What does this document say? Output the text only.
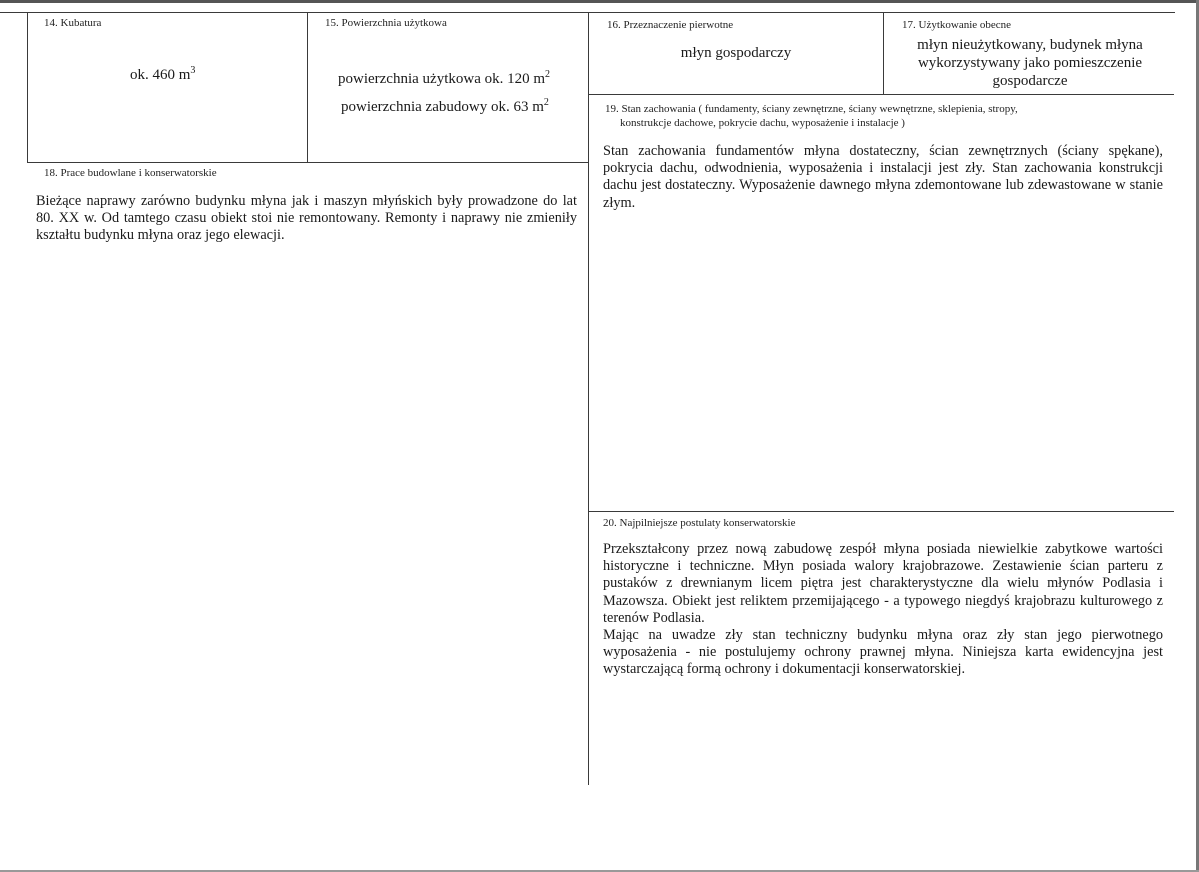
14. Kubatura
ok. 460 $m^3$
15. Powierzchnia użytkowa
powierzchnia użytkowa ok. 120 $m^2$
powierzchnia zabudowy ok. 63 $m^2$
16. Przeznaczenie pierwotne
młyn gospodarczy
17. Użytkowanie obecne
młyn nieużytkowany, budynek młyna
wykorzystywany jako pomieszczenie
gospodarcze
18. Prace budowlane i konserwatorskie
Bieżące naprawy zarówno budynku młyna jak i maszyn młyńskich były prowadzone do lat 80. XX w. Od tamtego czasu obiekt stoi nie remontowany. Remonty i naprawy nie zmieniły kształtu budynku młyna oraz jego elewacji.
19. Stan zachowania ( fundamenty, ściany zewnętrzne, ściany wewnętrzne, sklepienia, stropy,
konstrukcje dachowe, pokrycie dachu, wyposażenie i instalacje )
Stan zachowania fundamentów młyna dostateczny, ścian zewnętrznych (ściany spękane), pokrycia dachu, odwodnienia, wyposażenia i instalacji jest zły. Stan zachowania konstrukcji dachu jest dostateczny. Wyposażenie dawnego młyna zdemontowane lub zdewastowane w stanie złym.
20. Najpilniejsze postulaty konserwatorskie

Przekształcony przez nową zabudowę zespół młyna posiada niewielkie zabytkowe wartości historyczne i techniczne. Młyn posiada walory krajobrazowe. Zestawienie ścian parteru z pustaków z drewnianym licem piętra jest charakterystyczne dla wielu młynów Podlasia i Mazowsza. Obiekt jest reliktem przemijającego - a typowego niegdyś krajobrazu kulturowego z terenów Podlasia.

Mając na uwadze zły stan techniczny budynku młyna oraz zły stan jego pierwotnego wyposażenia - nie postulujemy ochrony prawnej młyna. Niniejsza karta ewidencyjna jest wystarczającą formą ochrony i dokumentacji konserwatorskiej.
